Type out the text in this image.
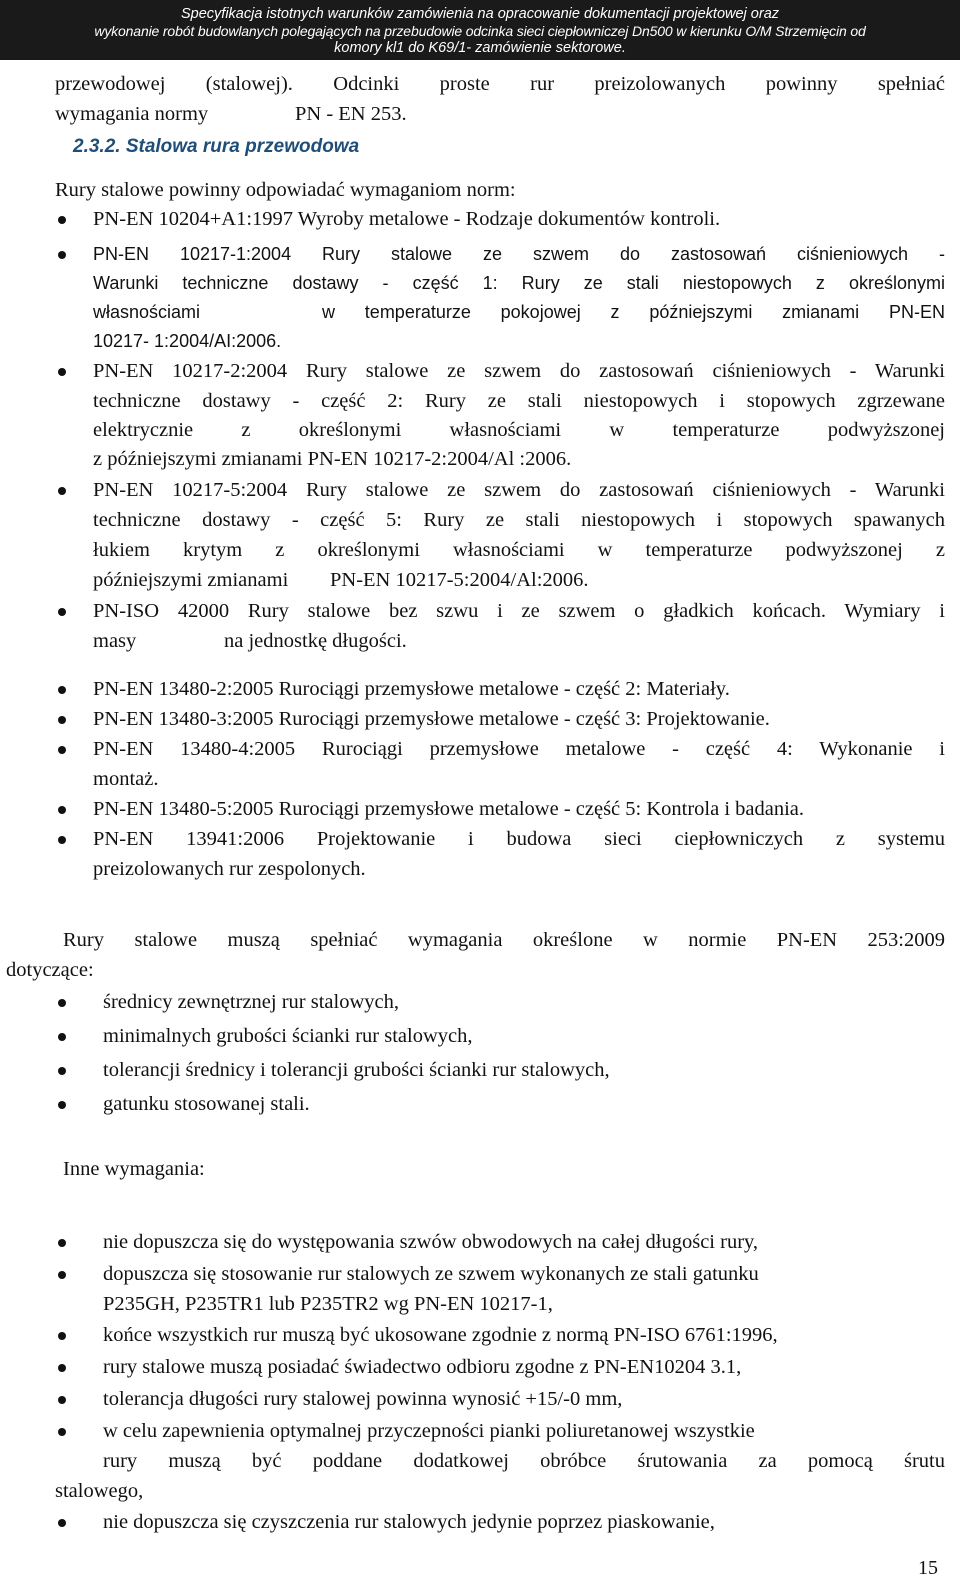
Specyfikacja istotnych warunków zamówienia na opracowanie dokumentacji projektowej oraz
wykonanie robót budowlanych polegających na przebudowie odcinka sieci ciepłowniczej Dn500 w kierunku O/M Strzemięcin od
komory kl1 do K69/1- zamówienie sektorowe.
przewodowej (stalowej). Odcinki proste rur preizolowanych powinny spełniać
wymagania normy	PN - EN 253.
2.3.2. Stalowa rura przewodowa
Rury stalowe powinny odpowiadać wymaganiom norm:
PN-EN 10204+A1:1997 Wyroby metalowe - Rodzaje dokumentów kontroli.
PN-EN 10217-1:2004 Rury stalowe ze szwem do zastosowań ciśnieniowych -
Warunki techniczne dostawy - część 1: Rury ze stali niestopowych z określonymi
własnościami	w temperaturze pokojowej z późniejszymi zmianami PN-EN
10217- 1:2004/AI:2006.
PN-EN 10217-2:2004 Rury stalowe ze szwem do zastosowań ciśnieniowych - Warunki
techniczne dostawy - część 2: Rury ze stali niestopowych i stopowych zgrzewane
elektrycznie z określonymi własnościami w temperaturze podwyższonej
z późniejszymi zmianami PN-EN 10217-2:2004/Al :2006.
PN-EN 10217-5:2004 Rury stalowe ze szwem do zastosowań ciśnieniowych - Warunki
techniczne dostawy - część 5: Rury ze stali niestopowych i stopowych spawanych
łukiem krytym z określonymi własnościami w temperaturze podwyższonej z
późniejszymi zmianami PN-EN 10217-5:2004/Al:2006.
PN-ISO 42000 Rury stalowe bez szwu i ze szwem o gładkich końcach. Wymiary i
masy	na jednostkę długości.
PN-EN 13480-2:2005 Rurociągi przemysłowe metalowe - część 2: Materiały.
PN-EN 13480-3:2005 Rurociągi przemysłowe metalowe - część 3: Projektowanie.
PN-EN 13480-4:2005 Rurociągi przemysłowe metalowe - część 4: Wykonanie i
montaż.
PN-EN 13480-5:2005 Rurociągi przemysłowe metalowe - część 5: Kontrola i badania.
PN-EN 13941:2006 Projektowanie i budowa sieci ciepłowniczych z systemu
preizolowanych rur zespolonych.
Rury stalowe muszą spełniać wymagania określone w normie PN-EN 253:2009
dotyczące:
średnicy zewnętrznej rur stalowych,
minimalnych grubości ścianki rur stalowych,
tolerancji średnicy i tolerancji grubości ścianki rur stalowych,
gatunku stosowanej stali.
Inne wymagania:
nie dopuszcza się do występowania szwów obwodowych na całej długości rury,
dopuszcza się stosowanie rur stalowych ze szwem wykonanych ze stali gatunku
P235GH, P235TR1 lub P235TR2 wg PN-EN 10217-1,
końce wszystkich rur muszą być ukosowane zgodnie z normą PN-ISO 6761:1996,
rury stalowe muszą posiadać świadectwo odbioru zgodne z PN-EN10204 3.1,
tolerancja długości rury stalowej powinna wynosić +15/-0 mm,
w celu zapewnienia optymalnej przyczepności pianki poliuretanowej wszystkie
rury muszą być poddane dodatkowej obróbce śrutowania za pomocą śrutu
stalowego,
nie dopuszcza się czyszczenia rur stalowych jedynie poprzez piaskowanie,
15
